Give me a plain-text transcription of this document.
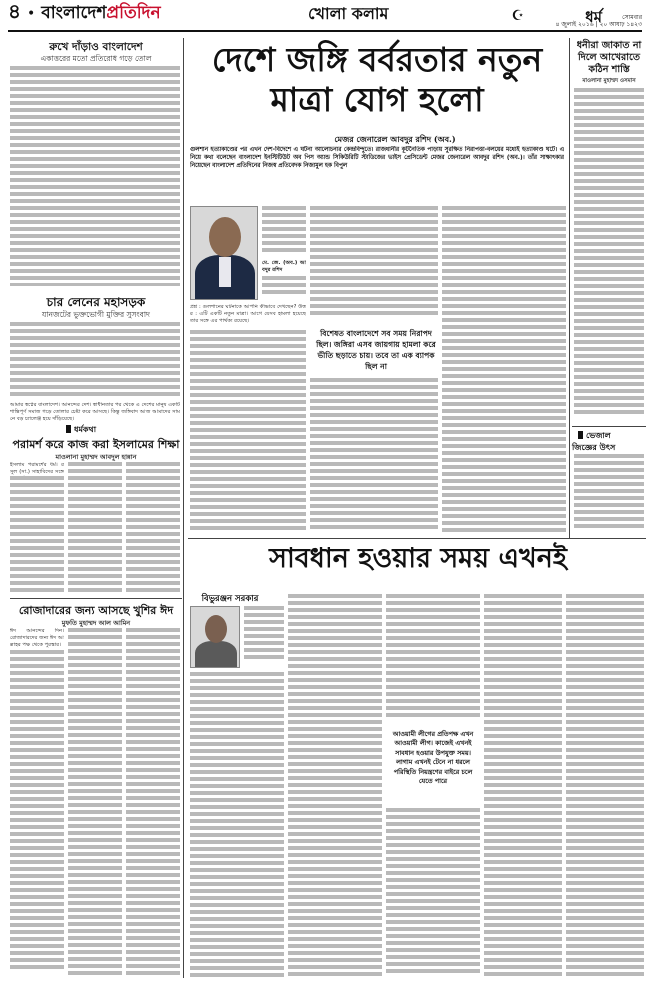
৪ • বাংলাদেশপ্রতিদিন	খোলা কলাম	☪	সোমবার
৪ জুলাই ২০১৬ | ২০ আষাঢ় ১৪২৩
ধর্ম
রুখে দাঁড়াও বাংলাদেশ
একাত্তরের মতো প্রতিরোধ গড়ে তোল
চার লেনের মহাসড়ক
যানজটের ভুক্তভোগী মুক্তির সুসংবাদ
আমার স্বপ্নের বাংলাদেশ। আনন্দের দেশ। স্বাধীনতার পর থেকে এ দেশের মানুষ একটি শান্তিপূর্ণ সমাজ গড়ে তোলার চেষ্টা করে আসছে। কিন্তু জঙ্গিবাদ আজ আমাদের সামনে বড় চ্যালেঞ্জ হয়ে দাঁড়িয়েছে।
ধর্মকথা
পরামর্শ করে কাজ করা ইসলামের শিক্ষা
মাওলানা মুহাম্মদ আবদুল হান্নান
ইসলাম পরামর্শের ধর্ম। রসুল (সা.) সাহাবিদের সঙ্গে
রোজাদারের জন্য আসছে খুশির ঈদ
মুফতি মুহাম্মদ আল আমিন
ঈদ আনন্দের দিন। রোজাদারদের জন্য ঈদ আল্লাহর পক্ষ থেকে পুরস্কার।
দেশে জঙ্গি বর্বরতার নতুন মাত্রা যোগ হলো
মেজর জেনারেল আবদুর রশিদ (অব.)
গুলশান হত্যাকাণ্ডের পর এখন দেশ-বিদেশে এ ঘটনা আলোচনার কেন্দ্রবিন্দুতে। রাজধানীর কূটনৈতিক পাড়ায় সুরক্ষিত নিরাপত্তা-বলয়ের মধ্যেই হত্যাকাণ্ড ঘটে। এ নিয়ে কথা বলেছেন বাংলাদেশ ইনস্টিটিউট অব পিস অ্যান্ড সিকিউরিটি স্টাডিজের ভাইস প্রেসিডেন্ট মেজর জেনারেল আবদুর রশিদ (অব.)। তাঁর সাক্ষাৎকার নিয়েছেন বাংলাদেশ প্রতিদিনের নিজস্ব প্রতিবেদক নিজামুল হক বিপুল
মে. জে. (অব.) আবদুর রশিদ
প্রশ্ন : গুলশানের ঘটনাকে আপনি কীভাবে দেখছেন? উত্তর : এটি একটি নতুন মাত্রা। আগে যেসব হামলা হয়েছে তার সঙ্গে এর পার্থক্য রয়েছে।
বিশেষত বাংলাদেশে সব সময় নিরাপদ ছিল। জঙ্গিরা এসব জায়গায় হামলা করে ভীতি ছড়াতে চায়। তবে তা এক ব্যাপক ছিল না
ধনীরা জাকাত না দিলে আখেরাতে কঠিন শাস্তি
মাওলানা মুহাম্মদ ওসমান
ভেজাল
জিজ্ঞের উৎস
সাবধান হওয়ার সময় এখনই
বিভুরঞ্জন সরকার
আওয়ামী লীগের প্রতিপক্ষ এখন আওয়ামী লীগ। কাজেই এখনই সাবধান হওয়ার উপযুক্ত সময়। লাগাম এখনই টেনে না ধরলে পরিস্থিতি নিয়ন্ত্রণের বাইরে চলে যেতে পারে
